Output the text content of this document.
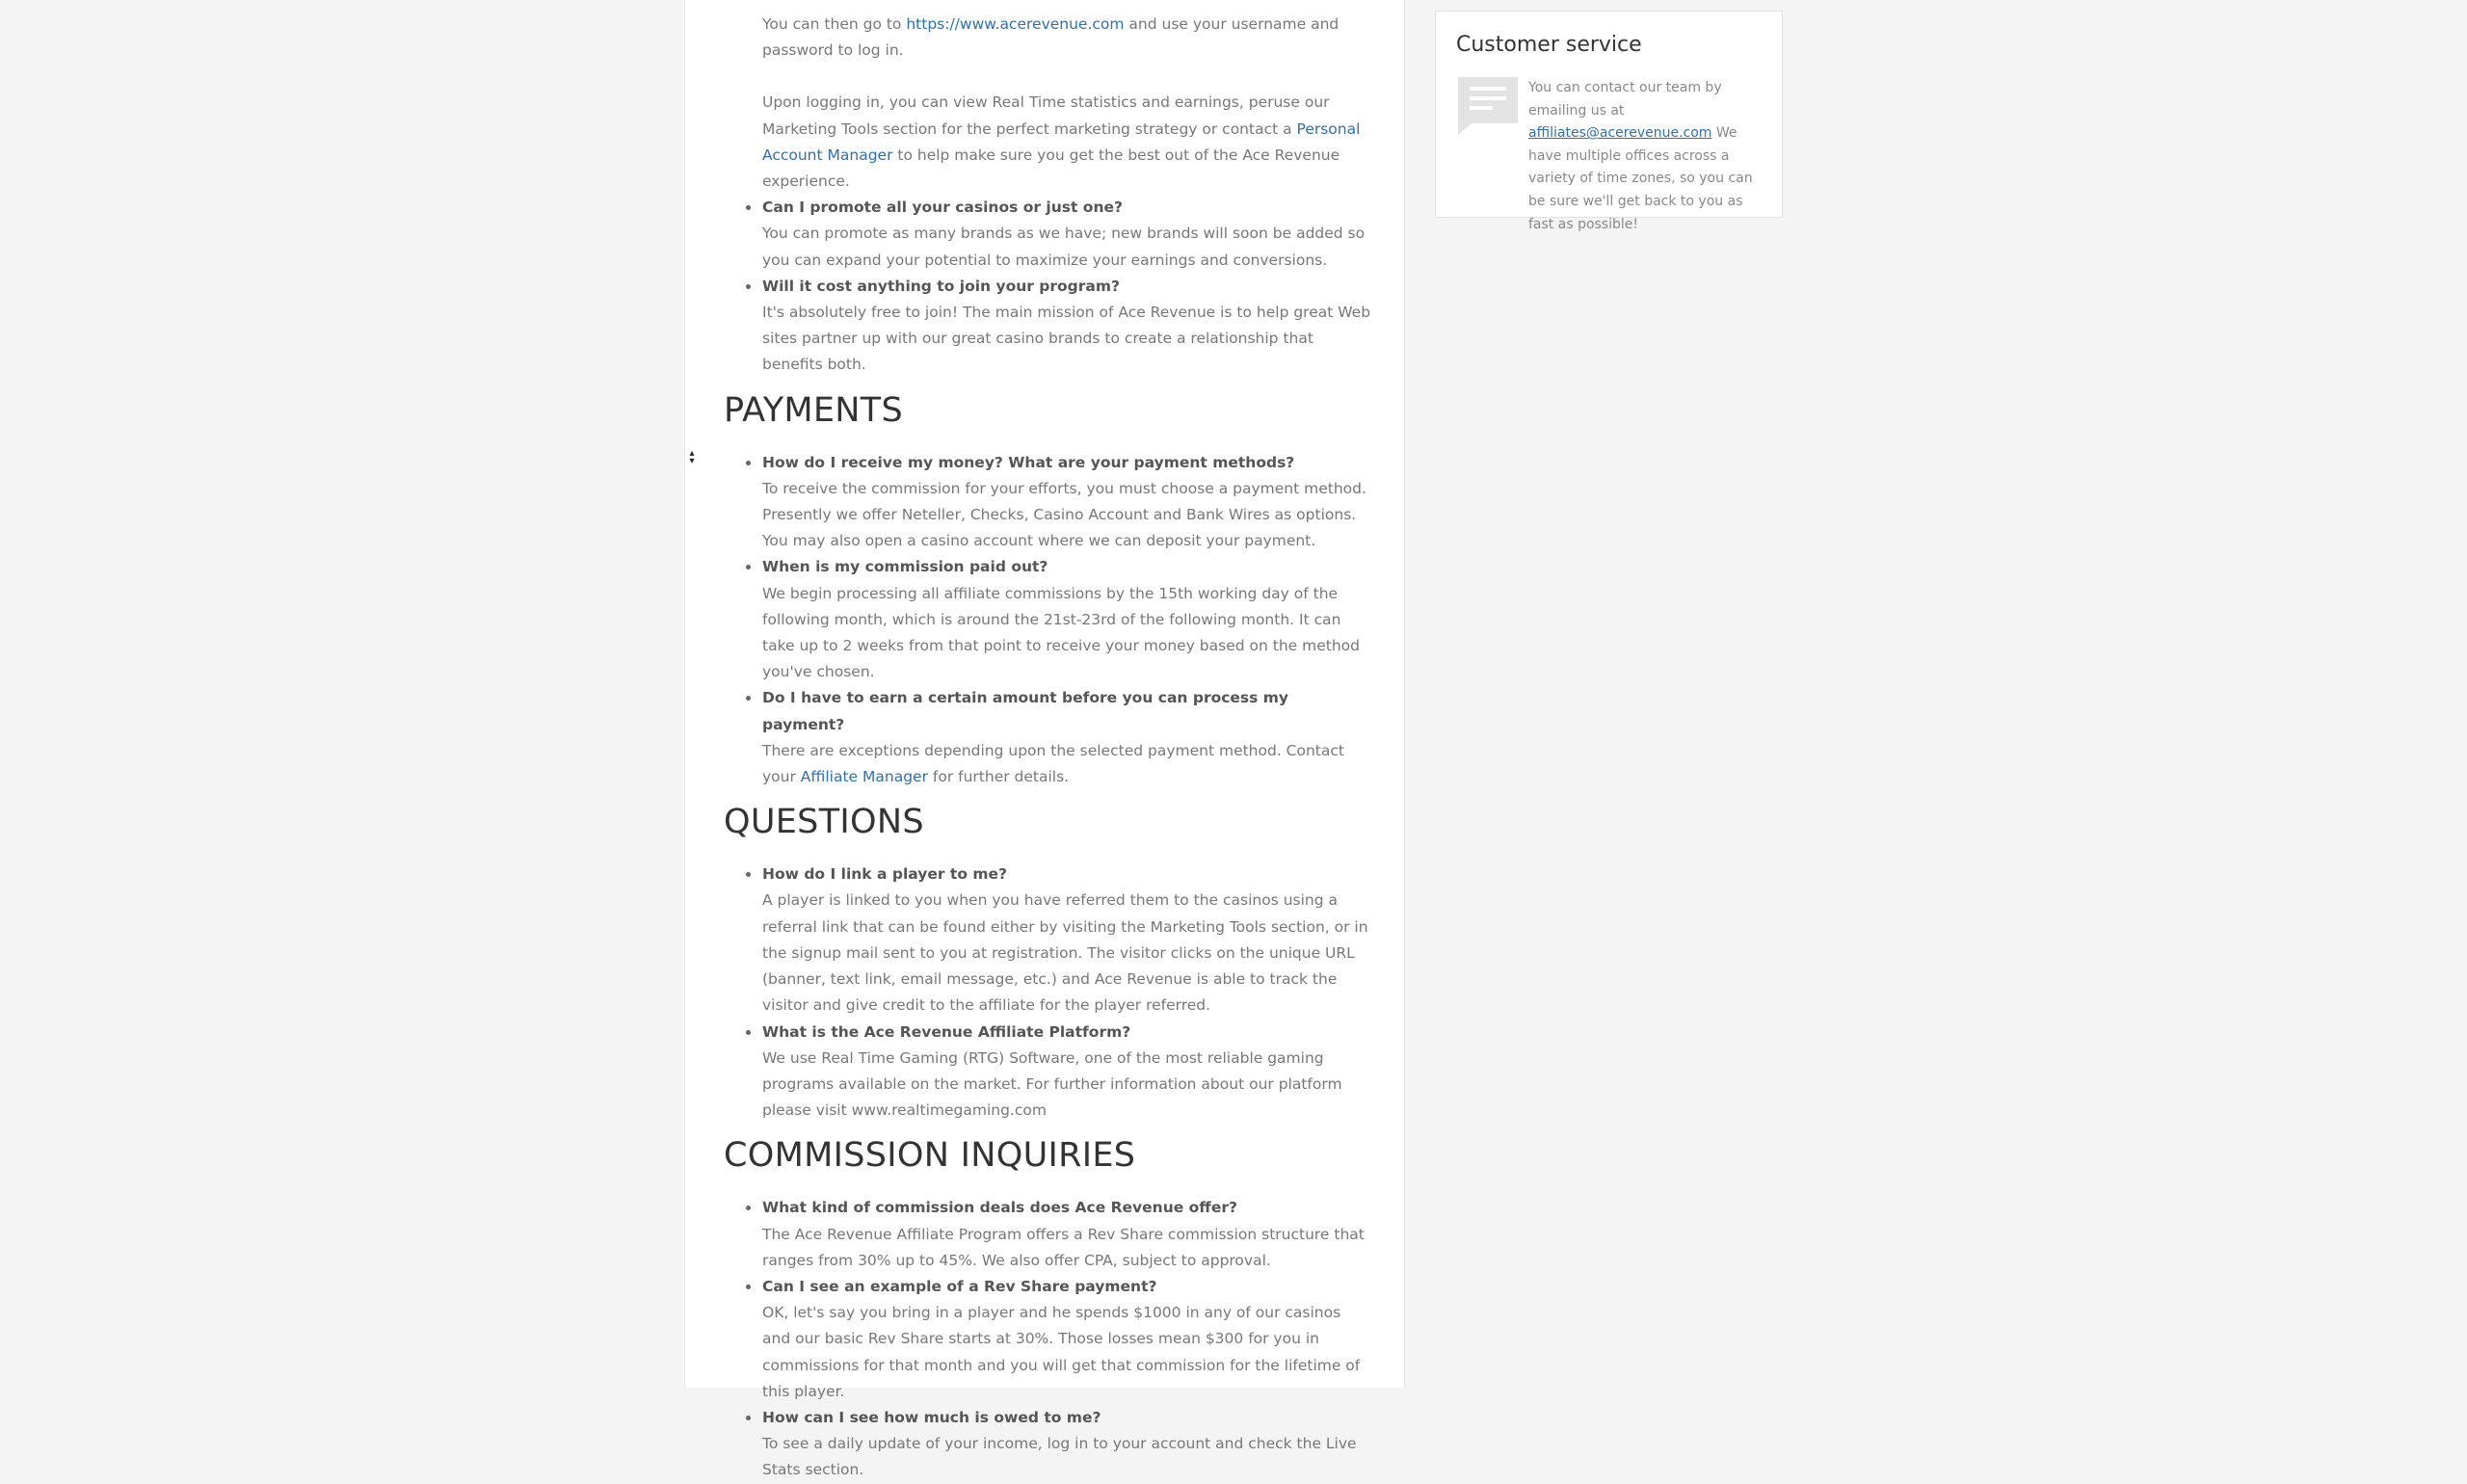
▴
▾

You can then go to https://www.acerevenue.com and use your username and password to log in.

Upon logging in, you can view Real Time statistics and earnings, peruse our Marketing Tools section for the perfect marketing strategy or contact a Personal Account Manager to help make sure you get the best out of the Ace Revenue experience.

Can I promote all your casinos or just one?
You can promote as many brands as we have; new brands will soon be added so you can expand your potential to maximize your earnings and conversions.
Will it cost anything to join your program?
It's absolutely free to join! The main mission of Ace Revenue is to help great Web sites partner up with our great casino brands to create a relationship that benefits both.
PAYMENTS
How do I receive my money? What are your payment methods?
To receive the commission for your efforts, you must choose a payment method. Presently we offer Neteller, Checks, Casino Account and Bank Wires as options. You may also open a casino account where we can deposit your payment.
When is my commission paid out?
We begin processing all affiliate commissions by the 15th working day of the following month, which is around the 21st-23rd of the following month. It can take up to 2 weeks from that point to receive your money based on the method you've chosen.
Do I have to earn a certain amount before you can process my payment?
There are exceptions depending upon the selected payment method. Contact your Affiliate Manager for further details.
QUESTIONS
How do I link a player to me?
A player is linked to you when you have referred them to the casinos using a referral link that can be found either by visiting the Marketing Tools section, or in the signup mail sent to you at registration. The visitor clicks on the unique URL (banner, text link, email message, etc.) and Ace Revenue is able to track the visitor and give credit to the affiliate for the player referred.
What is the Ace Revenue Affiliate Platform?
We use Real Time Gaming (RTG) Software, one of the most reliable gaming programs available on the market. For further information about our platform please visit www.realtimegaming.com
COMMISSION INQUIRIES
What kind of commission deals does Ace Revenue offer?
The Ace Revenue Affiliate Program offers a Rev Share commission structure that ranges from 30% up to 45%. We also offer CPA, subject to approval.
Can I see an example of a Rev Share payment?
OK, let's say you bring in a player and he spends $1000 in any of our casinos and our basic Rev Share starts at 30%. Those losses mean $300 for you in commissions for that month and you will get that commission for the lifetime of this player.
How can I see how much is owed to me?
To see a daily update of your income, log in to your account and check the Live Stats section.
Customer service
You can contact our team by emailing us at affiliates@acerevenue.com We have multiple offices across a variety of time zones, so you can be sure we'll get back to you as fast as possible!
